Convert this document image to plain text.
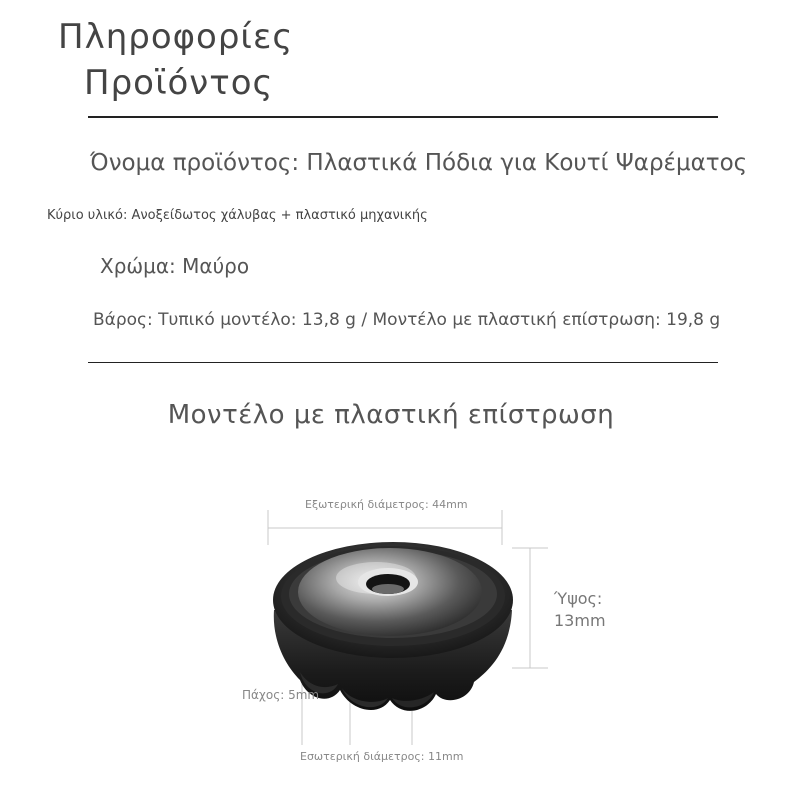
Πληροφορίες
Προϊόντος
Όνομα προϊόντος: Πλαστικά Πόδια για Κουτί Ψαρέματος
Κύριο υλικό: Ανοξείδωτος χάλυβας + πλαστικό μηχανικής
Χρώμα: Μαύρο
Βάρος: Τυπικό μοντέλο: 13,8 g / Μοντέλο με πλαστική επίστρωση: 19,8 g
Μοντέλο με πλαστική επίστρωση
Εξωτερική διάμετρος: 44mm
Ύψος: 13mm
Πάχος: 5mm
Εσωτερική διάμετρος: 11mm
